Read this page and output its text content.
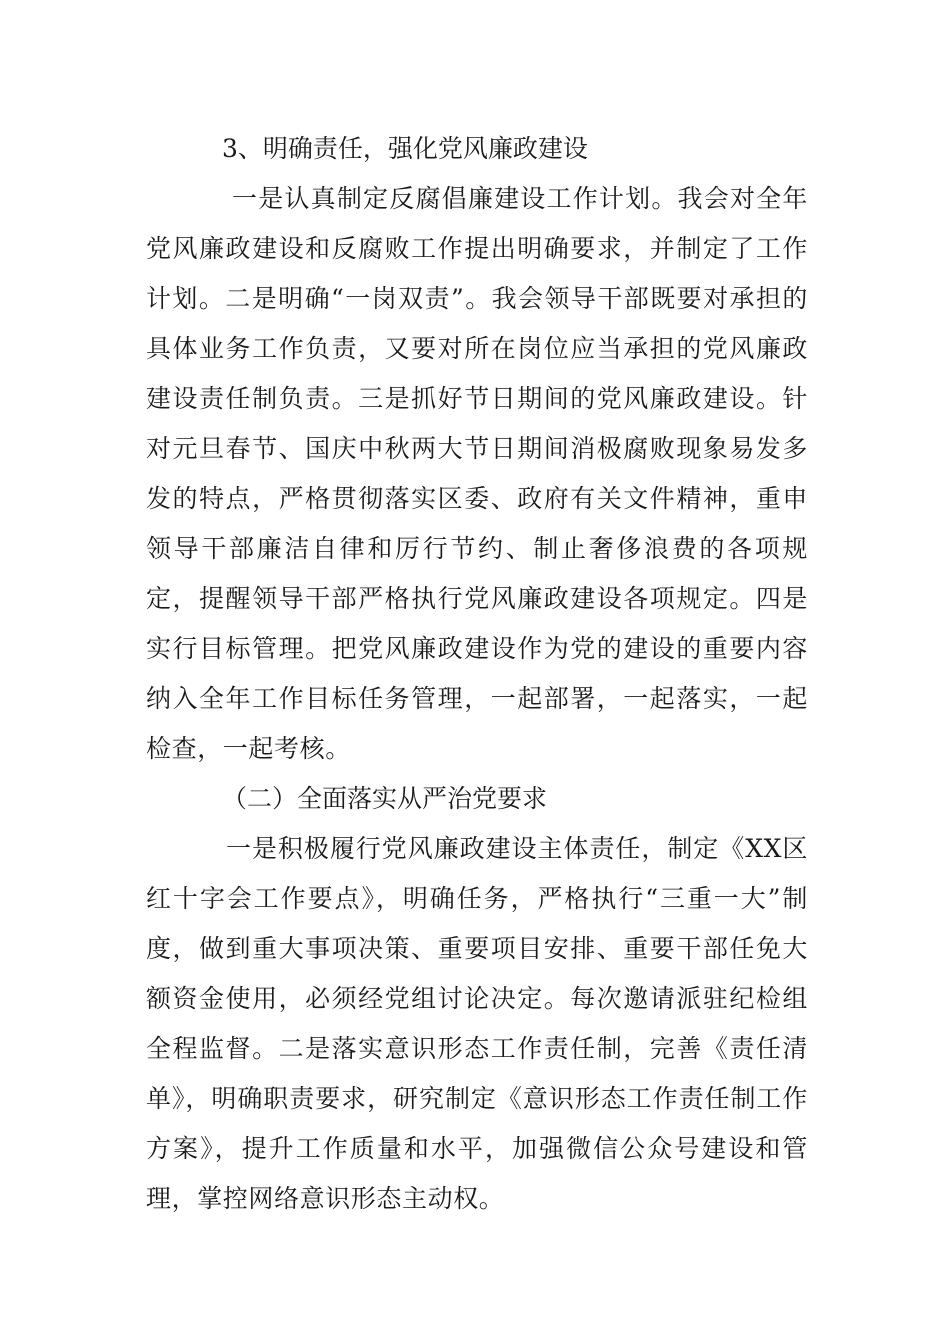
3、明确责任，强化党风廉政建设
一是认真制定反腐倡廉建设工作计划。我会对全年党风廉政建设和反腐败工作提出明确要求，并制定了工作计划。二是明确“一岗双责”。我会领导干部既要对承担的具体业务工作负责，又要对所在岗位应当承担的党风廉政建设责任制负责。三是抓好节日期间的党风廉政建设。针对元旦春节、国庆中秋两大节日期间消极腐败现象易发多发的特点，严格贯彻落实区委、政府有关文件精神，重申领导干部廉洁自律和厉行节约、制止奢侈浪费的各项规定，提醒领导干部严格执行党风廉政建设各项规定。四是实行目标管理。把党风廉政建设作为党的建设的重要内容纳入全年工作目标任务管理，一起部署，一起落实，一起检查，一起考核。
（二）全面落实从严治党要求
一是积极履行党风廉政建设主体责任，制定《XX区红十字会工作要点》，明确任务，严格执行“三重一大”制度，做到重大事项决策、重要项目安排、重要干部任免大额资金使用，必须经党组讨论决定。每次邀请派驻纪检组全程监督。二是落实意识形态工作责任制，完善《责任清单》，明确职责要求，研究制定《意识形态工作责任制工作方案》，提升工作质量和水平，加强微信公众号建设和管理，掌控网络意识形态主动权。
